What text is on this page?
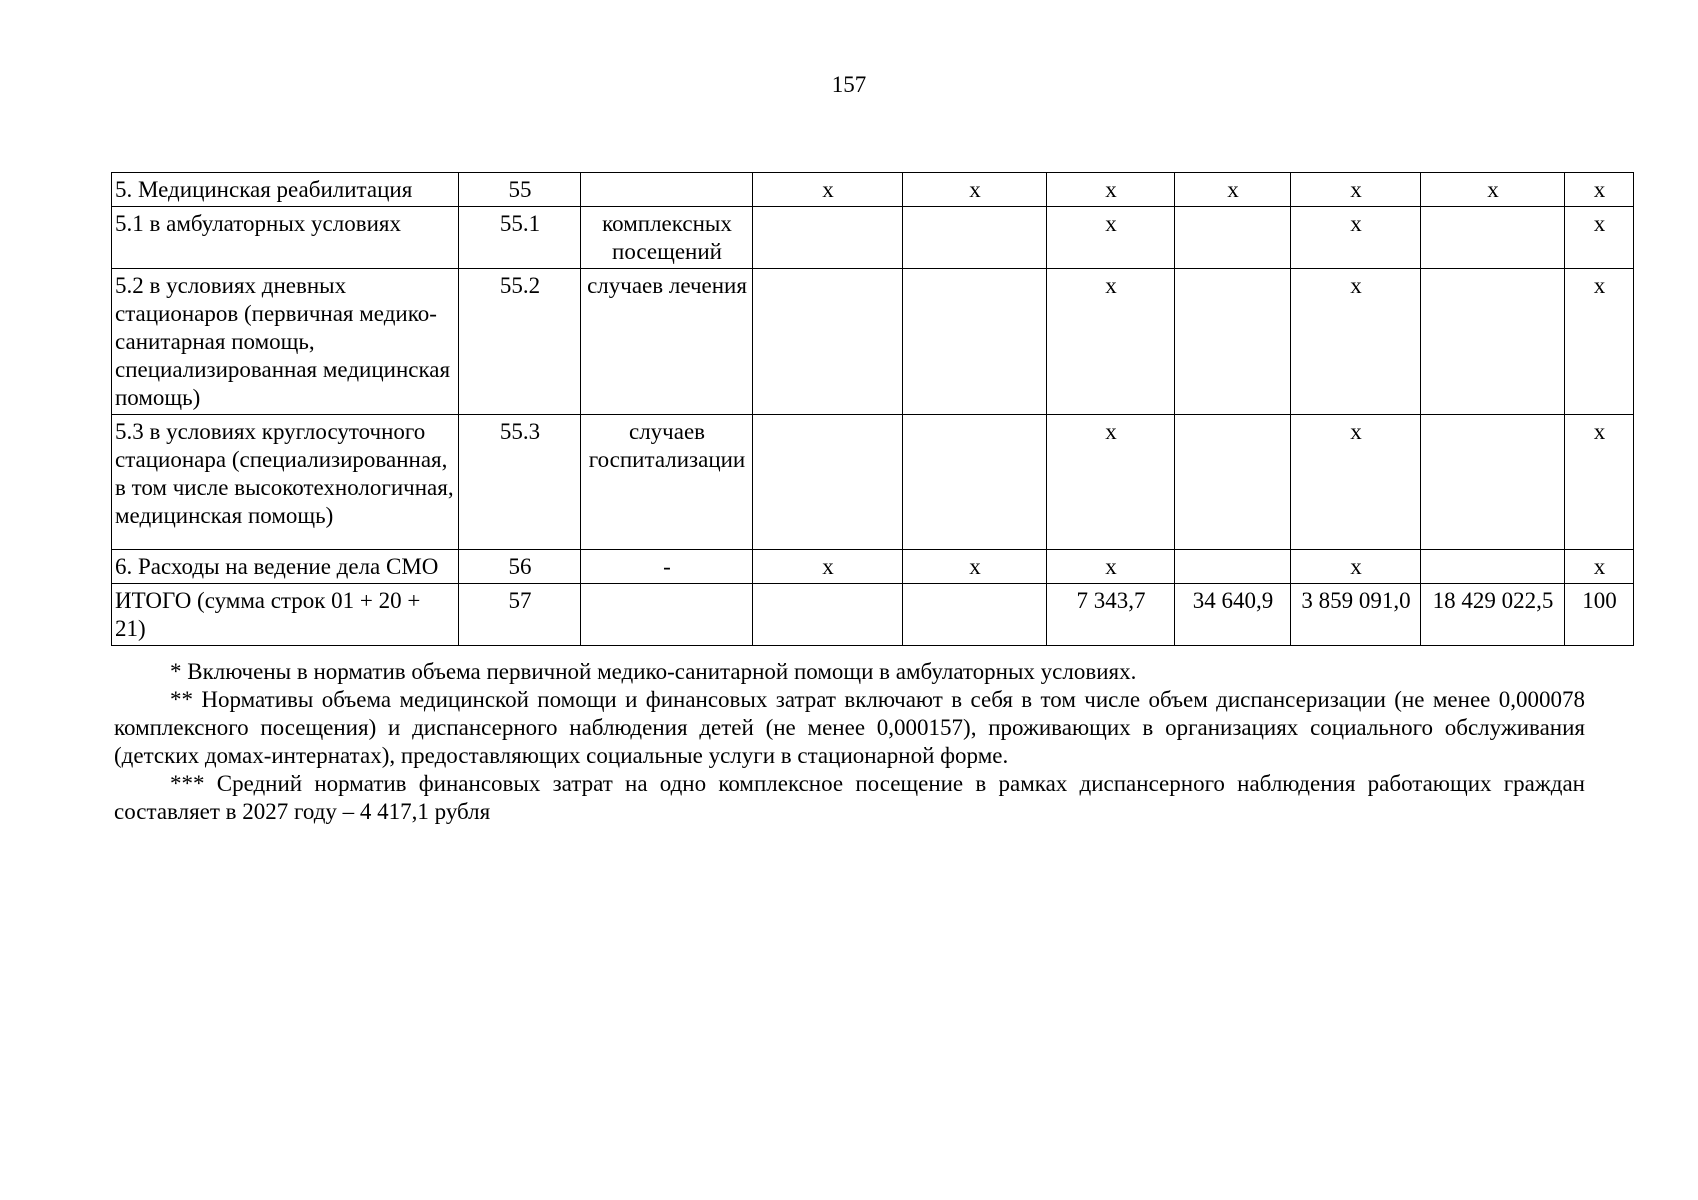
157
5. Медицинская реабилитация	55		х	х	х	х	х	х	х
5.1 в амбулаторных условиях	55.1	комплексных посещений			х		х		х
5.2 в условиях дневных стационаров (первичная медико-санитарная помощь, специализированная медицинская помощь)	55.2	случаев лечения			х		х		х
5.3 в условиях круглосуточного стационара (специализированная, в том числе высокотехнологичная, медицинская помощь)	55.3	случаев госпитализации			х		х		х
6. Расходы на ведение дела СМО	56	-	х	х	х		х		х
ИТОГО (сумма строк 01 + 20 + 21)	57				7 343,7	34 640,9	3 859 091,0	18 429 022,5	100

* Включены в норматив объема первичной медико-санитарной помощи в амбулаторных условиях.

** Нормативы объема медицинской помощи и финансовых затрат включают в себя в том числе объем диспансеризации (не менее 0,000078 комплексного посещения) и диспансерного наблюдения детей (не менее 0,000157), проживающих в организациях социального обслуживания (детских домах-интернатах), предоставляющих социальные услуги в стационарной форме.

*** Средний норматив финансовых затрат на одно комплексное посещение в рамках диспансерного наблюдения работающих граждан составляет в 2027 году – 4 417,1 рубля
